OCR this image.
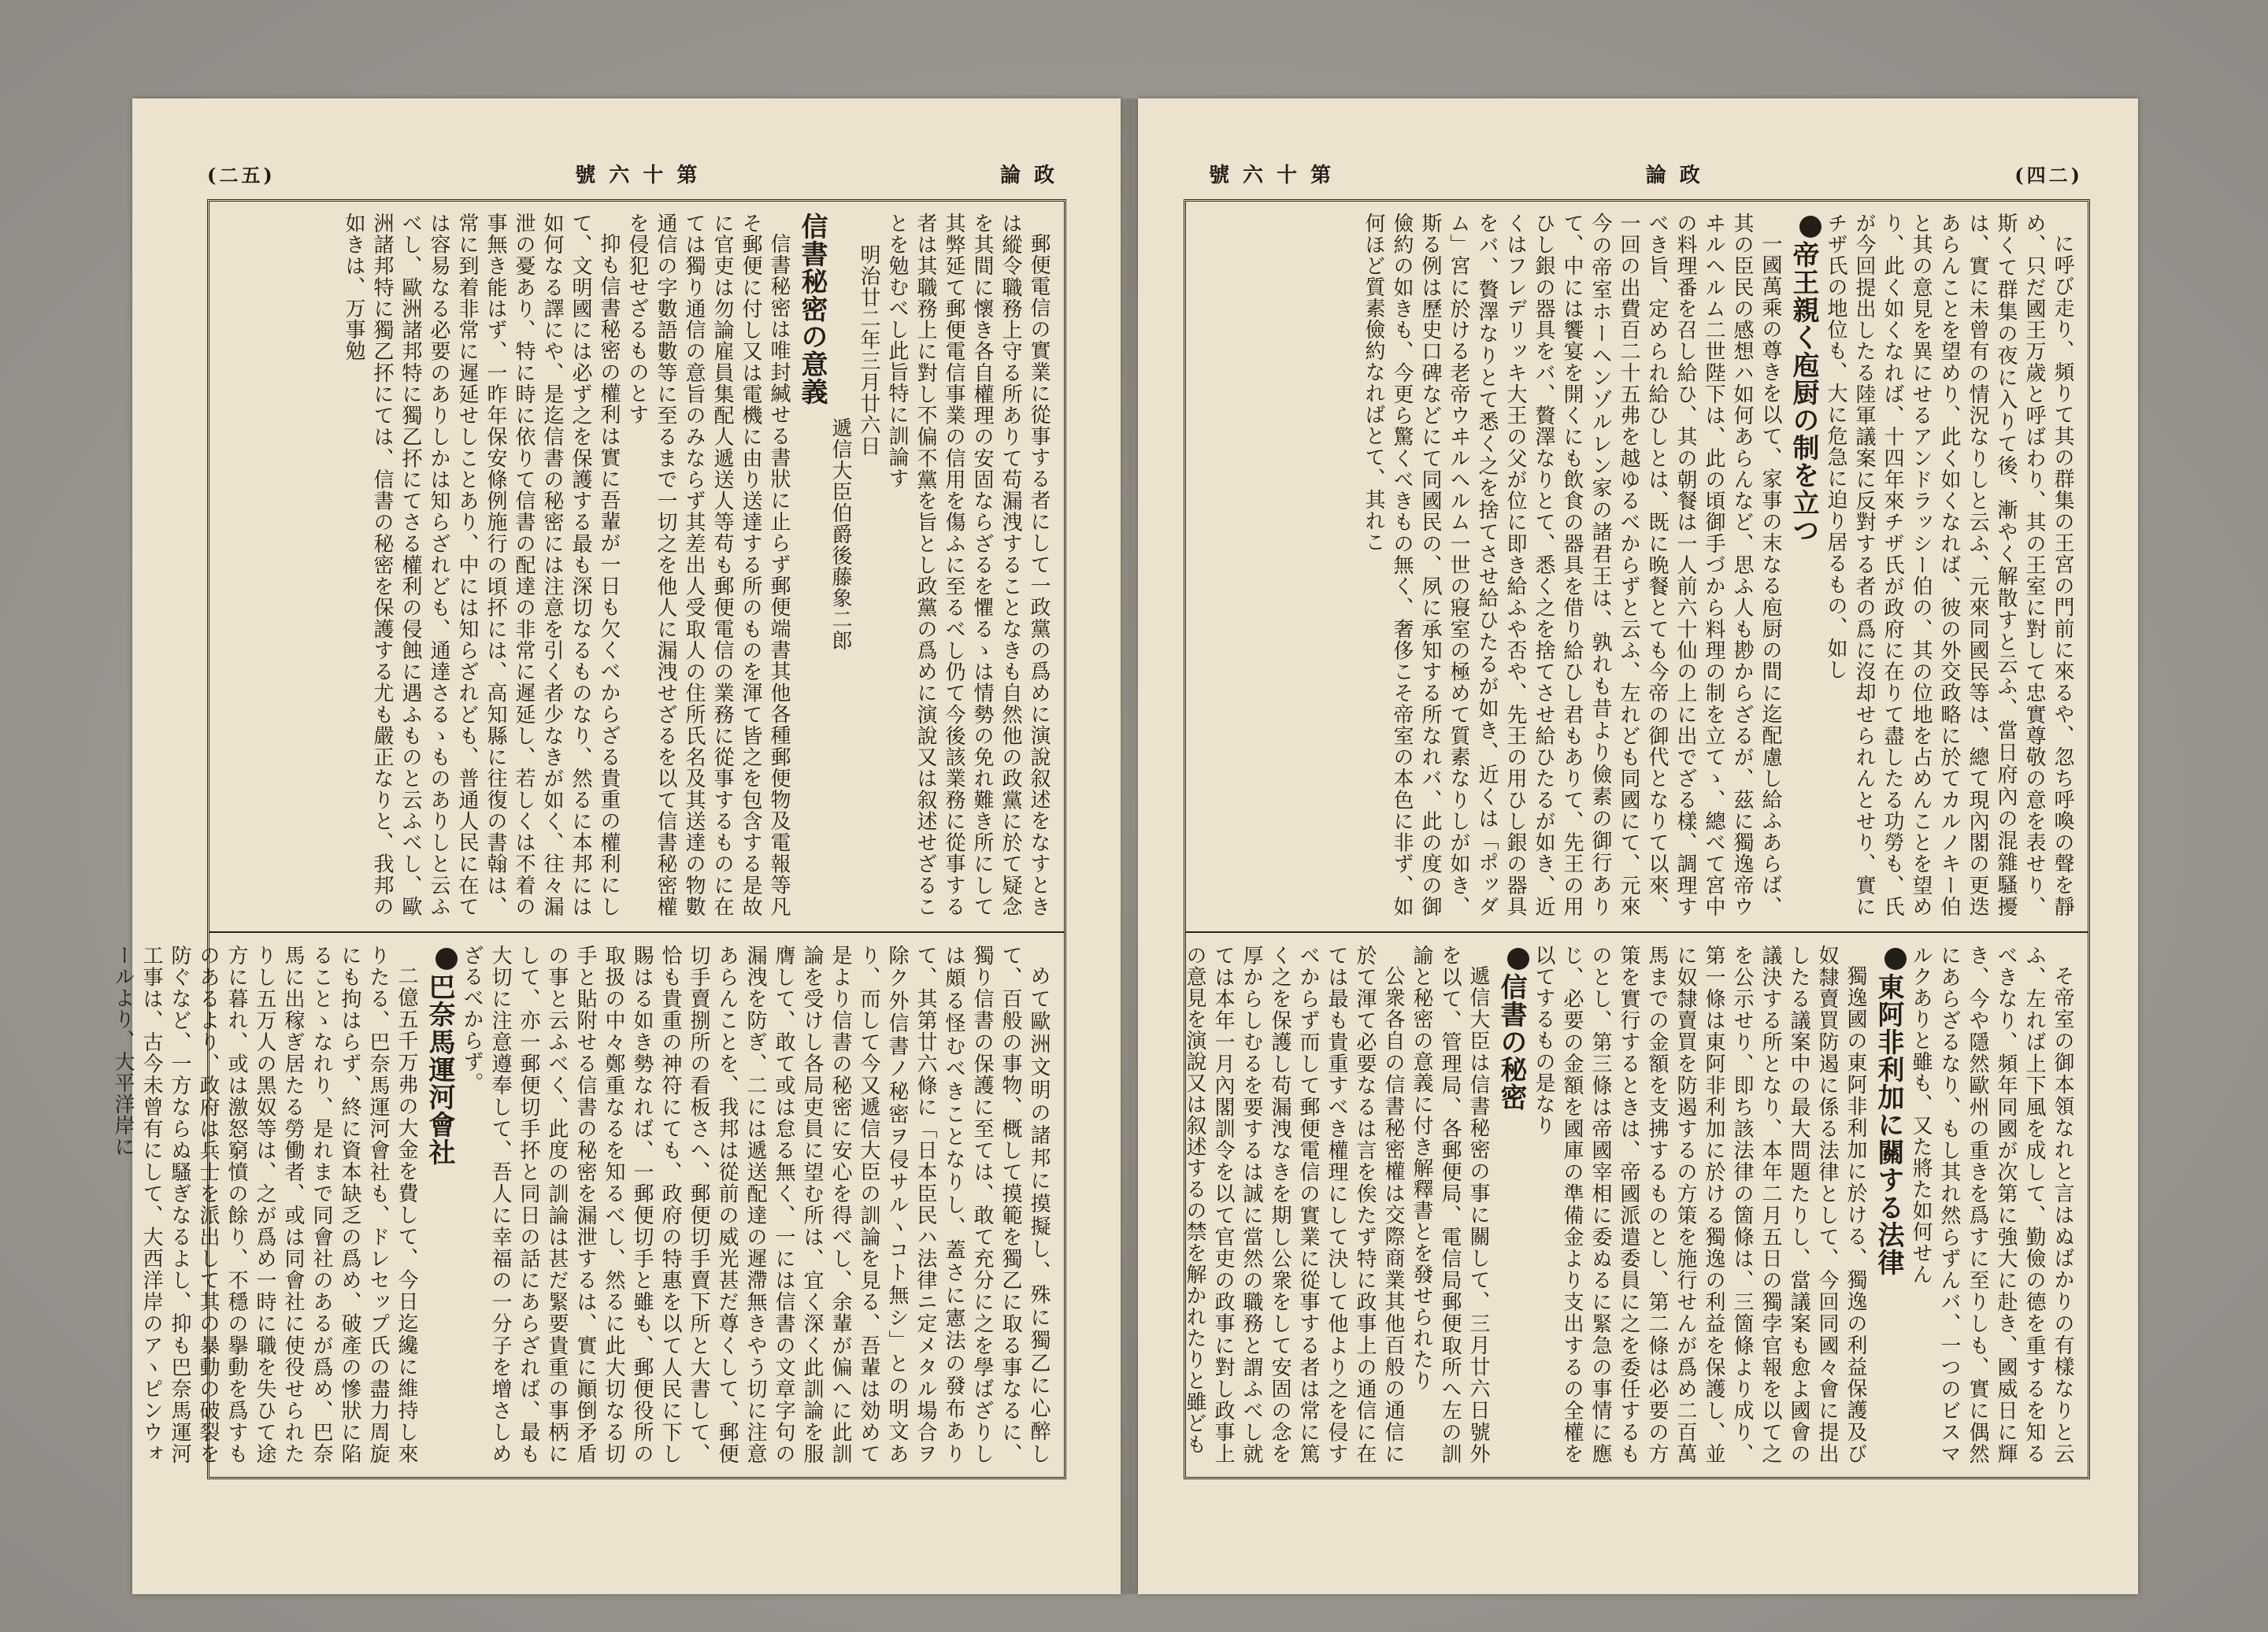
(二五)	號 六 十 第	論 政

郵便電信の實業に從事する者にして一政黨の爲めに演說叙述をなすときは縱令職務上守る所ありて苟漏洩することなきも自然他の政黨に於て疑念を其間に懷き各自權理の安固ならざるを懼るゝは情勢の免れ難き所にして其弊延て郵便電信事業の信用を傷ふに至るべし仍て今後該業務に從事する者は其職務上に對し不偏不黨を旨とし政黨の爲めに演說又は叙述せざることを勉むべし此旨特に訓論す

明治廿二年三月廿六日

遞信大臣伯爵後藤象二郎

信書秘密の意義

信書秘密は唯封緘せる書狀に止らず郵便端書其他各種郵便物及電報等凡そ郵便に付し又は電機に由り送達する所のものを渾て皆之を包含する是故に官吏は勿論雇員集配人遞送人等苟も郵便電信の業務に從事するものに在ては獨り通信の意旨のみならず其差出人受取人の住所氏名及其送達の物數通信の字數語數等に至るまで一切之を他人に漏洩せざるを以て信書秘密權を侵犯せざるものとす

抑も信書秘密の權利は實に吾輩が一日も欠くべからざる貴重の權利にして、文明國には必ず之を保護する最も深切なるものなり、然るに本邦には如何なる譯にや、是迄信書の秘密には注意を引く者少なきが如く、往々漏泄の憂あり、特に時に依りて信書の配達の非常に遲延し、若しくは不着の事無き能はず、一昨年保安條例施行の頃抔には、高知縣に往復の書翰は、常に到着非常に遲延せしことあり、中には知らざれども、普通人民に在ては容易なる必要のありしかは知らざれども、通達さるゝものありしと云ふべし、歐洲諸邦特に獨乙抔にてさる權利の侵蝕に遇ふものと云ふべし、歐洲諸邦特に獨乙抔にては、信書の秘密を保護する尤も嚴正なりと、我邦の如きは、万事勉

めて歐洲文明の諸邦に摸擬し、殊に獨乙に心醉して、百般の事物、概して摸範を獨乙に取る事なるに、獨り信書の保護に至ては、敢て充分に之を學ばざりしは頗る怪むべきことなりし、蓋さに憲法の發布ありて、其第廿六條に「日本臣民ハ法律ニ定メタル場合ヲ除ク外信書ノ秘密ヲ侵サルヽコト無シ」との明文あり、而して今又遞信大臣の訓論を見る、吾輩は効めて是より信書の秘密に安心を得べし、余輩が偏へに此訓論を受けし各局吏員に望む所は、宜く深く此訓論を服膺して、敢て或は怠る無く、一には信書の文章字句の漏洩を防ぎ、二には遞送配達の遲滯無きやう切に注意あらんことを、我邦は從前の威光甚だ尊くして、郵便切手賣捌所の看板さへ、郵便切手賣下所と大書して、恰も貴重の神符にても、政府の特惠を以て人民に下し賜はる如き勢なれば、一郵便切手と雖も、郵便役所の取扱の中々鄭重なるを知るべし、然るに此大切なる切手と貼附せる信書の秘密を漏泄するは、實に顚倒矛盾の事と云ふべく、此度の訓論は甚だ緊要貴重の事柄にして、亦一郵便切手抔と同日の話にあらざれば、最も大切に注意遵奉して、吾人に幸福の一分子を增さしめざるべからず。

巴奈馬運河會社

二億五千万弗の大金を費して、今日迄纔に維持し來りたる、巴奈馬運河會社も、ドレセップ氏の盡力周旋にも拘はらず、終に資本缺乏の爲め、破產の慘狀に陷ることゝなれり、是れまで同會社のあるが爲め、巴奈馬に出稼ぎ居たる勞働者、或は同會社に使役せられたりし五万人の黑奴等は、之が爲め一時に職を失ひて途方に暮れ、或は激怒窮憤の餘り、不穩の擧動を爲すものあるより、政府は兵士を派出して其の暴動の破裂を防ぐなど、一方ならぬ騷ぎなるよし、抑も巴奈馬運河工事は、古今未曾有にして、大西洋岸のアヽピンウォールより、大平洋岸に

號 六 十 第	論 政	(四二)

に呼び走り、頻りて其の群集の王宮の門前に來るや、忽ち呼喚の聲を靜め、只だ國王万歲と呼ばわり、其の王室に對して忠實尊敬の意を表せり、斯くて群集の夜に入りて後、漸やく解散すと云ふ、當日府內の混雜騷擾は、實に未曾有の情況なりしと云ふ、元來同國民等は、總て現內閣の更迭あらんことを望めり、此く如くなれば、彼の外交政略に於てカルノキー伯と其の意見を異にせるアンドラッシー伯の、其の位地を占めんことを望めり、此く如くなれば、十四年來チザ氏が政府に在りて盡したる功勞も、氏が今回提出したる陸軍議案に反對する者の爲に沒却せられんとせり、實にチザ氏の地位も、大に危急に迫り居るもの、如し

帝王親く庖厨の制を立つ

一國萬乘の尊きを以て、家事の末なる庖厨の間に迄配慮し給ふあらば、其の臣民の感想ハ如何あらんなど、思ふ人も尠からざるが、茲に獨逸帝ウヰルヘルム二世陛下は、此の頃御手づから料理の制を立てゝ、總べて宮中の料理番を召し給ひ、其の朝餐は一人前六十仙の上に出でざる樣、調理すべき旨、定められ給ひしとは、既に晩餐とても今帝の御代となりて以來、一回の出費百二十五弗を越ゆるべからずと云ふ、左れども同國にて、元來今の帝室ホーヘンゾルレン家の諸君王は、孰れも昔より儉素の御行ありて、中には饗宴を開くにも飲食の器具を借り給ひし君もありて、先王の用ひし銀の器具をバ、贅澤なりとて、悉く之を捨てさせ給ひたるが如き、近くはフレデリッキ大王の父が位に即き給ふや否や、先王の用ひし銀の器具をバ、贅澤なりとて悉く之を捨てさせ給ひたるが如き、近くは「ポッダム」宮に於ける老帝ウヰルヘルム一世の寢室の極めて質素なりしが如き、斯る例は歷史口碑などにて同國民の、夙に承知する所なれバ、此の度の御儉約の如きも、今更ら驚くべきもの無く、奢侈こそ帝室の本色に非ず、如何ほど質素儉約なればとて、其れこ

そ帝室の御本領なれと言はぬばかりの有樣なりと云ふ、左れば上下風を成して、勤儉の德を重するを知るべきなり、頻年同國が次第に強大に赴き、國威日に輝き、今や隱然歐州の重きを爲すに至りしも、實に偶然にあらざるなり、もし其れ然らずんバ、一つのビスマルクありと雖も、又た將た如何せん

東阿非利加に關する法律

獨逸國の東阿非利加に於ける、獨逸の利益保護及び奴隸賣買防遏に係る法律として、今回同國々會に提出したる議案中の最大問題たりし、當議案も愈よ國會の議決する所となり、本年二月五日の獨孛官報を以て之を公示せり、即ち該法律の箇條は、三箇條より成り、第一條は東阿非利加に於ける獨逸の利益を保護し、並に奴隸賣買を防遏するの方策を施行せんが爲め二百萬馬までの金額を支拂するものとし、第二條は必要の方策を實行するときは、帝國派遣委員に之を委任するものとし、第三條は帝國宰相に委ぬるに緊急の事情に應じ、必要の金額を國庫の準備金より支出するの全權を以てするもの是なり

信書の秘密

遞信大臣は信書秘密の事に關して、三月廿六日號外を以て、管理局、各郵便局、電信局郵便取所へ左の訓諭と秘密の意義に付き解釋書とを發せられたり

公衆各自の信書秘密權は交際商業其他百般の通信に於て渾て必要なるは言を俟たず特に政事上の通信に在ては最も貴重すべき權理にして決して他より之を侵すべからず而して郵便電信の實業に從事する者は常に篤く之を保護し苟漏洩なきを期し公衆をして安固の念を厚からしむるを要するは誠に當然の職務と謂ふべし就ては本年一月內閣訓令を以て官吏の政事に對し政事上の意見を演說又は叙述するの禁を解かれたりと雖ども
